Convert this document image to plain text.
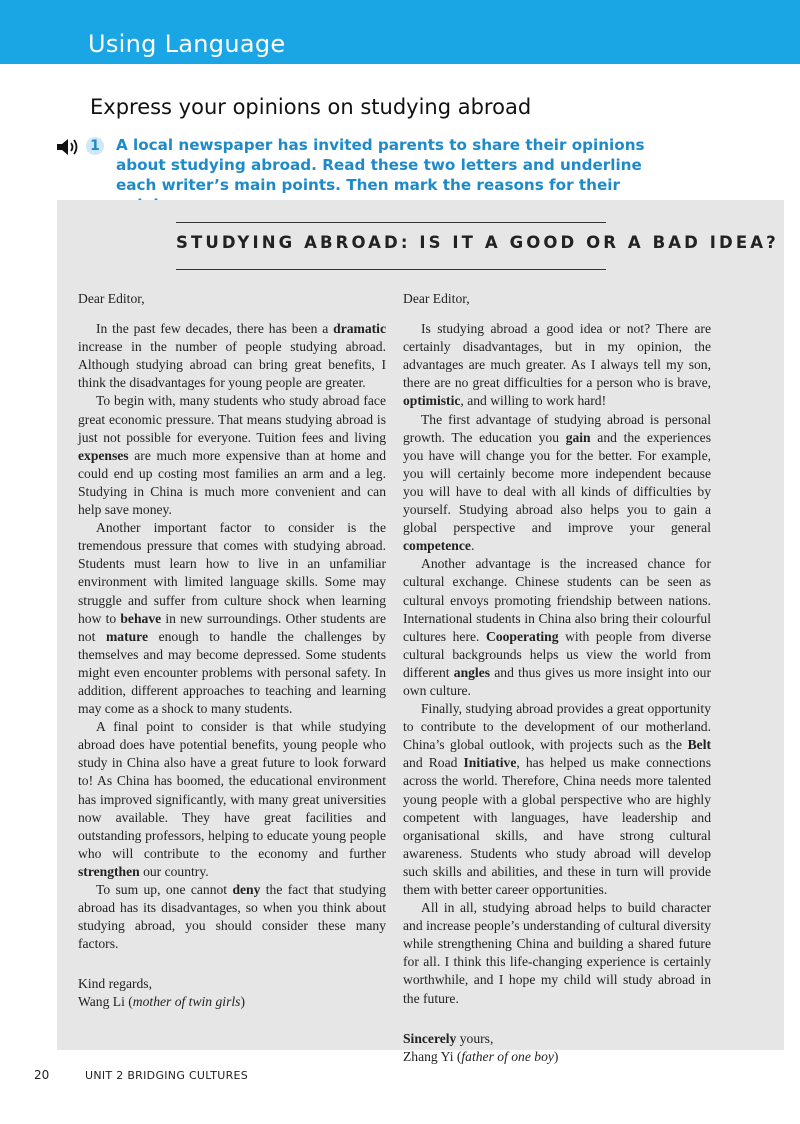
Using Language
Express your opinions on studying abroad
1 A local newspaper has invited parents to share their opinions about studying abroad. Read these two letters and underline each writer’s main points. Then mark the reasons for their
STUDYING ABROAD: IS IT A GOOD OR A BAD IDEA?

Dear Editor,

In the past few decades, there has been a dramatic increase in the number of people studying abroad. Although studying abroad can bring great benefits, I think the disadvantages for young people are greater.

To begin with, many students who study abroad face great economic pressure. That means studying abroad is just not possible for everyone. Tuition fees and living expenses are much more expensive than at home and could end up costing most families an arm and a leg. Studying in China is much more convenient and can help save money.

Another important factor to consider is the tremendous pressure that comes with studying abroad. Students must learn how to live in an unfamiliar environment with limited language skills. Some may struggle and suffer from culture shock when learning how to behave in new surroundings. Other students are not mature enough to handle the challenges by themselves and may become depressed. Some students might even encounter problems with personal safety. In addition, different approaches to teaching and learning may come as a shock to many students.

A final point to consider is that while studying abroad does have potential benefits, young people who study in China also have a great future to look forward to! As China has boomed, the educational environment has improved significantly, with many great universities now available. They have great facilities and outstanding professors, helping to educate young people who will contribute to the economy and further strengthen our country.

To sum up, one cannot deny the fact that studying abroad has its disadvantages, so when you think about studying abroad, you should consider these many factors.

Kind regards,

Wang Li (mother of twin girls)

Dear Editor,

Is studying abroad a good idea or not? There are certainly disadvantages, but in my opinion, the advantages are much greater. As I always tell my son, there are no great difficulties for a person who is brave, optimistic, and willing to work hard!

The first advantage of studying abroad is personal growth. The education you gain and the experiences you have will change you for the better. For example, you will certainly become more independent because you will have to deal with all kinds of difficulties by yourself. Studying abroad also helps you to gain a global perspective and improve your general competence.

Another advantage is the increased chance for cultural exchange. Chinese students can be seen as cultural envoys promoting friendship between nations. International students in China also bring their colourful cultures here. Cooperating with people from diverse cultural backgrounds helps us view the world from different angles and thus gives us more insight into our own culture.

Finally, studying abroad provides a great opportunity to contribute to the development of our motherland. China’s global outlook, with projects such as the Belt and Road Initiative, has helped us make connections across the world. Therefore, China needs more talented young people with a global perspective who are highly competent with languages, have leadership and organisational skills, and have strong cultural awareness. Students who study abroad will develop such skills and abilities, and these in turn will provide them with better career opportunities.

All in all, studying abroad helps to build character and increase people’s understanding of cultural diversity while strengthening China and building a shared future for all. I think this life-changing experience is certainly worthwhile, and I hope my child will study abroad in the future.

Sincerely yours,

Zhang Yi (father of one boy)

20	UNIT 2 BRIDGING CULTURES
